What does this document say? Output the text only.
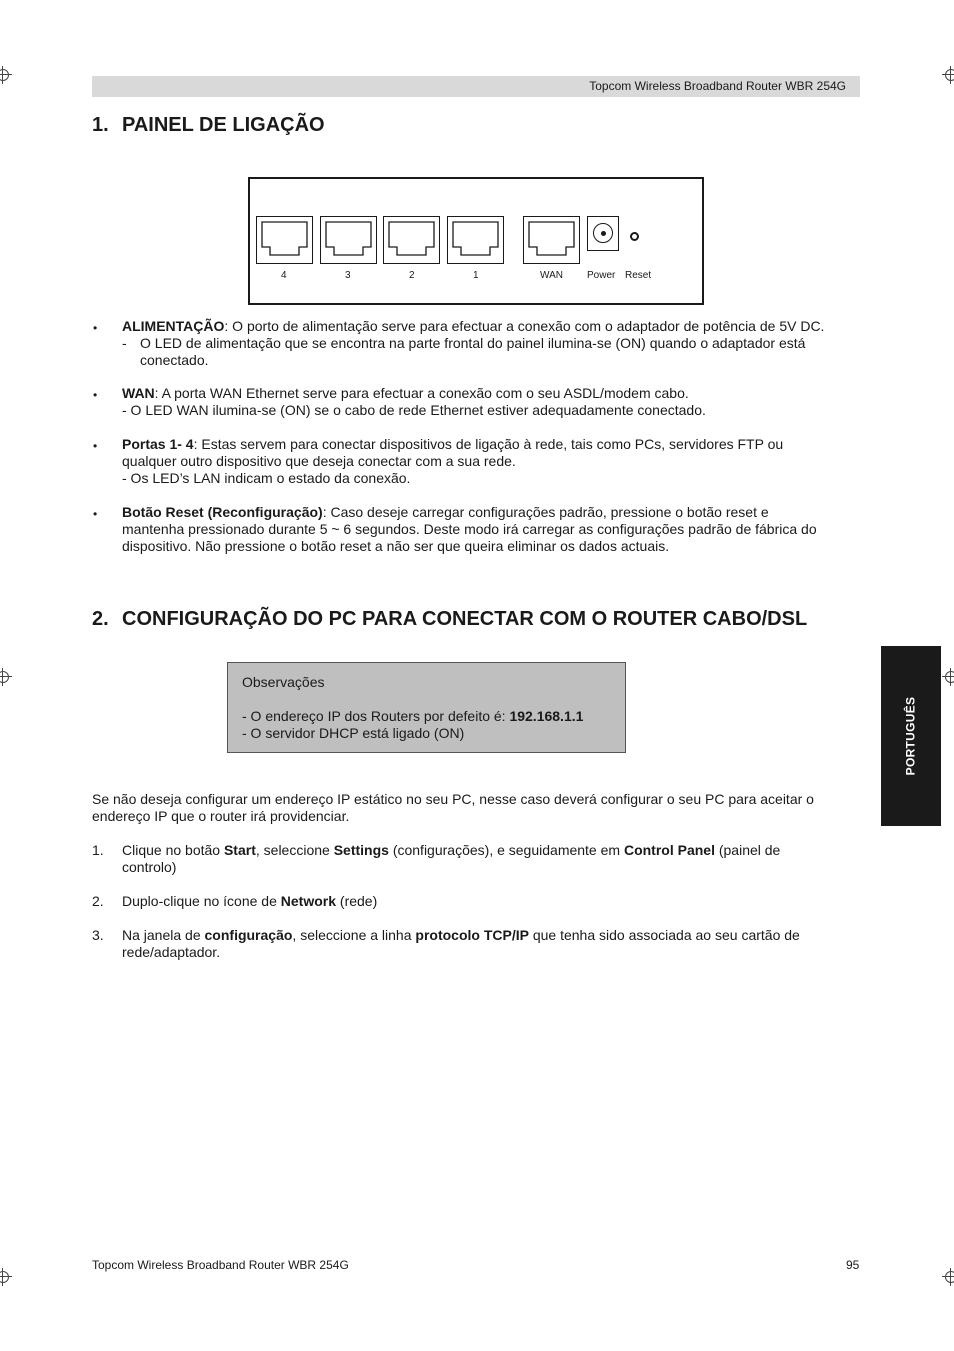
Topcom Wireless Broadband Router WBR 254G
1. PAINEL DE LIGAÇÃO
4	3	2	1	WAN Power Reset
• ALIMENTAÇÃO: O porto de alimentação serve para efectuar a conexão com o adaptador de potência de 5V DC.
- O LED de alimentação que se encontra na parte frontal do painel ilumina-se (ON) quando o adaptador está
conectado.
• WAN: A porta WAN Ethernet serve para efectuar a conexão com o seu ASDL/modem cabo.
- O LED WAN ilumina-se (ON) se o cabo de rede Ethernet estiver adequadamente conectado.
• Portas 1- 4: Estas servem para conectar dispositivos de ligação à rede, tais como PCs, servidores FTP ou
qualquer outro dispositivo que deseja conectar com a sua rede.
- Os LED’s LAN indicam o estado da conexão.
• Botão Reset (Reconfiguração): Caso deseje carregar configurações padrão, pressione o botão reset e
mantenha pressionado durante 5 ~ 6 segundos. Deste modo irá carregar as configurações padrão de fábrica do
dispositivo. Não pressione o botão reset a não ser que queira eliminar os dados actuais.
2. CONFIGURAÇÃO DO PC PARA CONECTAR COM O ROUTER CABO/DSL
Observações
- O endereço IP dos Routers por defeito é: 192.168.1.1
- O servidor DHCP está ligado (ON)
Se não deseja configurar um endereço IP estático no seu PC, nesse caso deverá configurar o seu PC para aceitar o
endereço IP que o router irá providenciar.
1. Clique no botão Start, seleccione Settings (configurações), e seguidamente em Control Panel (painel de
controlo)
2. Duplo-clique no ícone de Network (rede)
3. Na janela de configuração, seleccione a linha protocolo TCP/IP que tenha sido associada ao seu cartão de
rede/adaptador.
PORTUGUÊS
Topcom Wireless Broadband Router WBR 254G	95
